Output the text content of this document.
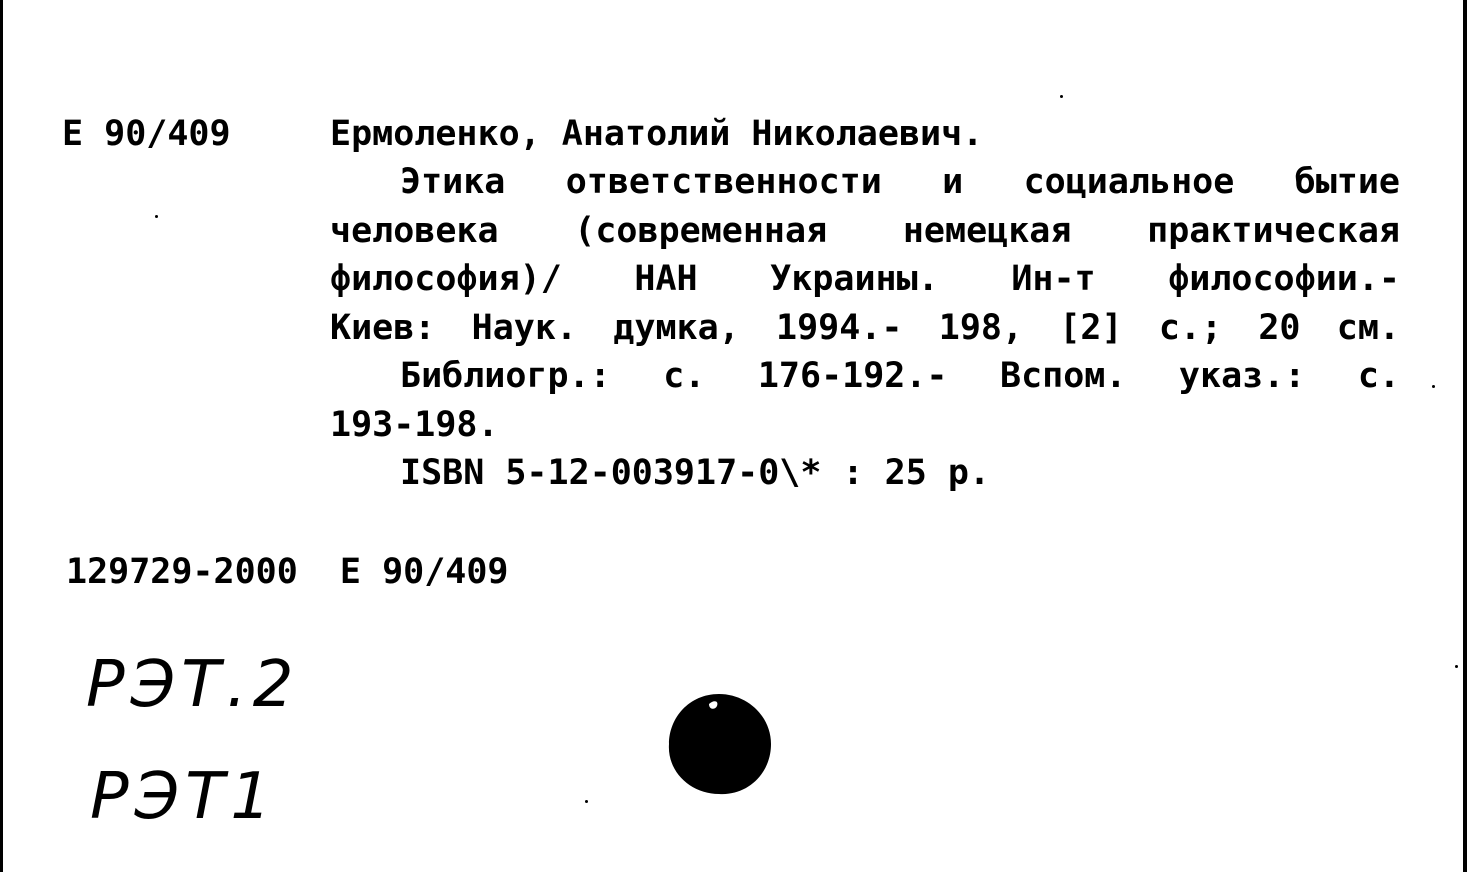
Е 90/409	Ермоленко, Анатолий Николаевич.
Этика ответственности и социальное бытие
человека (современная немецкая практическая
философия)/ НАН Украины. Ин-т философии.-
Киев: Наук. думка, 1994.- 198, [2] с.; 20 см.
Библиогр.: с. 176-192.- Вспом. указ.: с.
193-198.
ISBN 5-12-003917-0\* : 25 р.
129729-2000  Е 90/409
РЭТ.2
РЭТ1
